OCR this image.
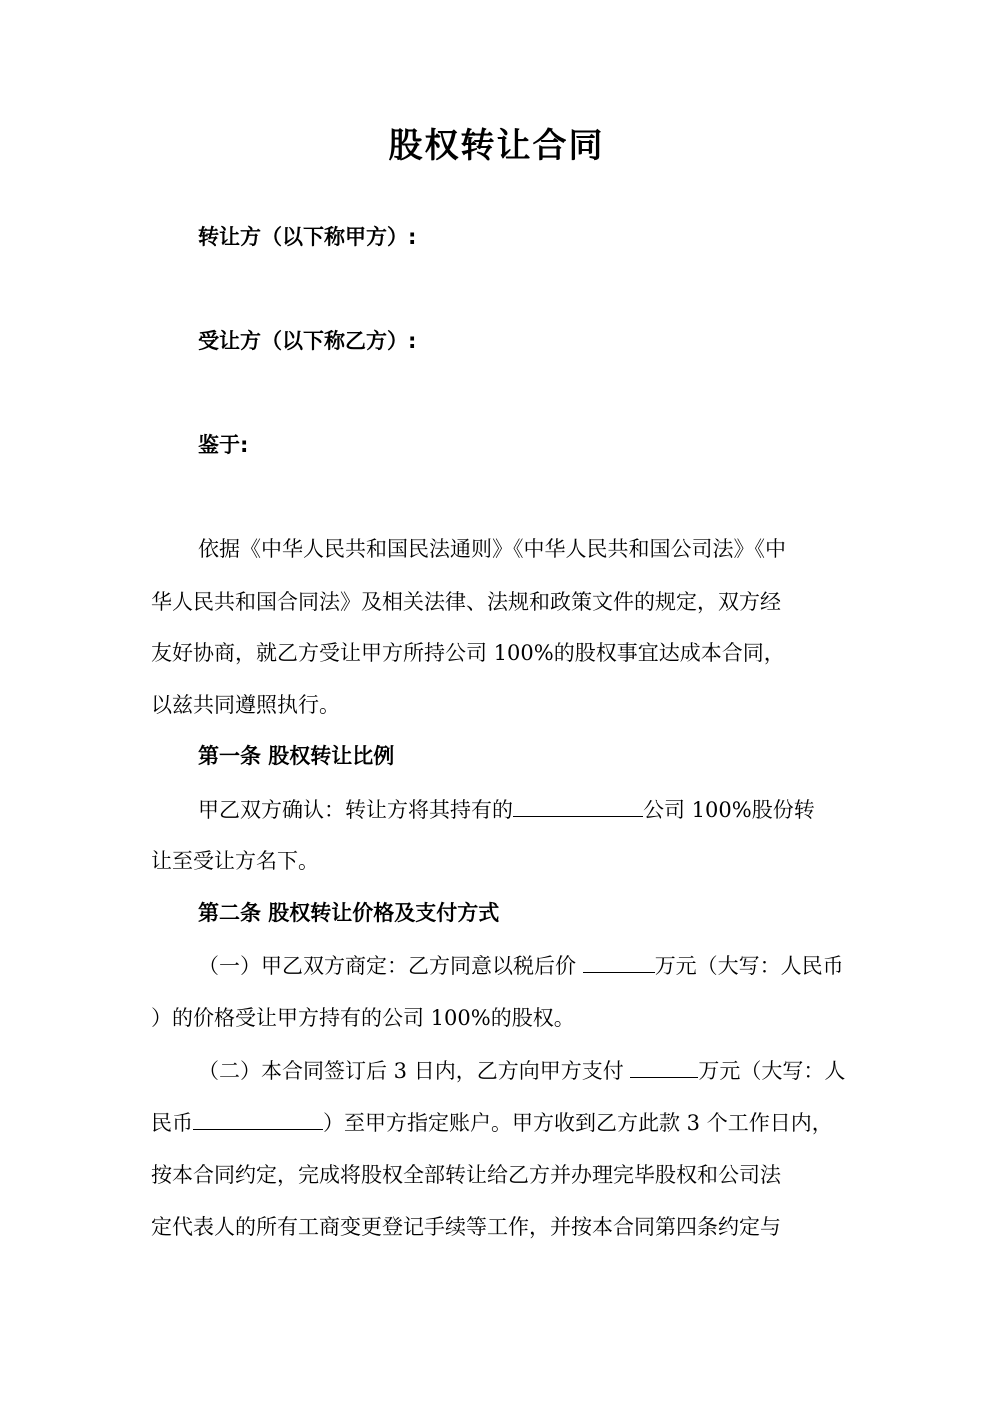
股权转让合同
转让方（以下称甲方）:
受让方（以下称乙方）:
鉴于:
依据《中华人民共和国民法通则》《中华人民共和国公司法》《中
华人民共和国合同法》及相关法律、法规和政策文件的规定，双方经
友好协商，就乙方受让甲方所持公司 100%的股权事宜达成本合同，
以兹共同遵照执行。
第一条 股权转让比例
甲乙双方确认：转让方将其持有的	公司 100%股份转
让至受让方名下。
第二条 股权转让价格及支付方式
（一）甲乙双方商定：乙方同意以税后价	万元（大写：人民币
）的价格受让甲方持有的公司 100%的股权。
（二）本合同签订后 3 日内，乙方向甲方支付	万元（大写：人
民币	）至甲方指定账户。甲方收到乙方此款 3 个工作日内，
按本合同约定，完成将股权全部转让给乙方并办理完毕股权和公司法
定代表人的所有工商变更登记手续等工作，并按本合同第四条约定与
